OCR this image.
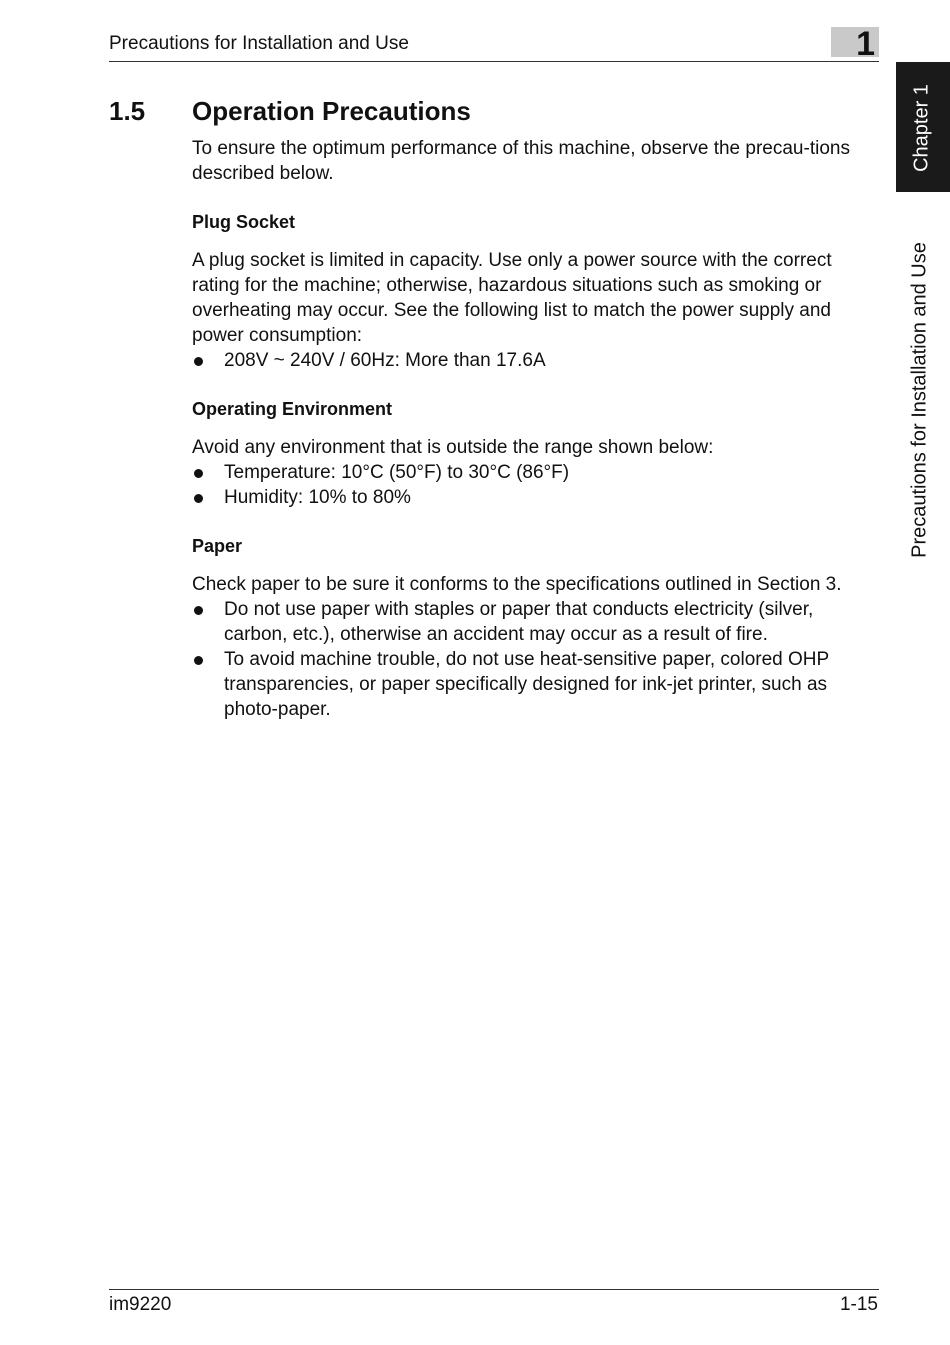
Precautions for Installation and Use	1
Chapter 1
Precautions for Installation and Use
1.5 Operation Precautions

To ensure the optimum performance of this machine, observe the precau-tions described below.

Plug Socket

A plug socket is limited in capacity. Use only a power source with the correct rating for the machine; otherwise, hazardous situations such as smoking or overheating may occur. See the following list to match the power supply and power consumption:

208V ~ 240V / 60Hz: More than 17.6A
Operating Environment

Avoid any environment that is outside the range shown below:

Temperature: 10°C (50°F) to 30°C (86°F)
Humidity: 10% to 80%
Paper

Check paper to be sure it conforms to the specifications outlined in Section 3.

Do not use paper with staples or paper that conducts electricity (silver, carbon, etc.), otherwise an accident may occur as a result of fire.
To avoid machine trouble, do not use heat-sensitive paper, colored OHP transparencies, or paper specifically designed for ink-jet printer, such as photo-paper.
im9220	1-15
